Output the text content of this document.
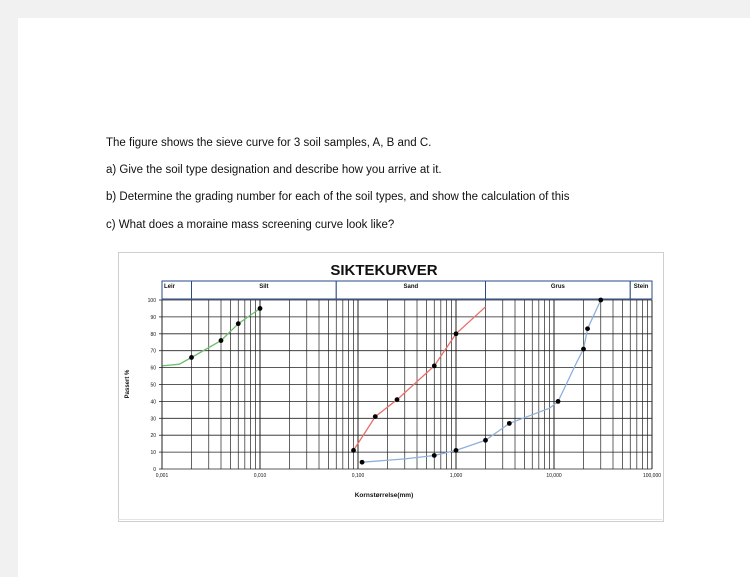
The figure shows the sieve curve for 3 soil samples, A, B and C.
a) Give the soil type designation and describe how you arrive at it.
b) Determine the grading number for each of the soil types, and show the calculation of this
c) What does a moraine mass screening curve look like?
Leir	Silt	Sand	Grus	Stein
0
10
20
30
40
50
60
70
80
90
100
0,001	0,010	0,100	1,000	10,000	100,000
SIKTEKURVER
Kornstørrelse(mm)
Passert %
